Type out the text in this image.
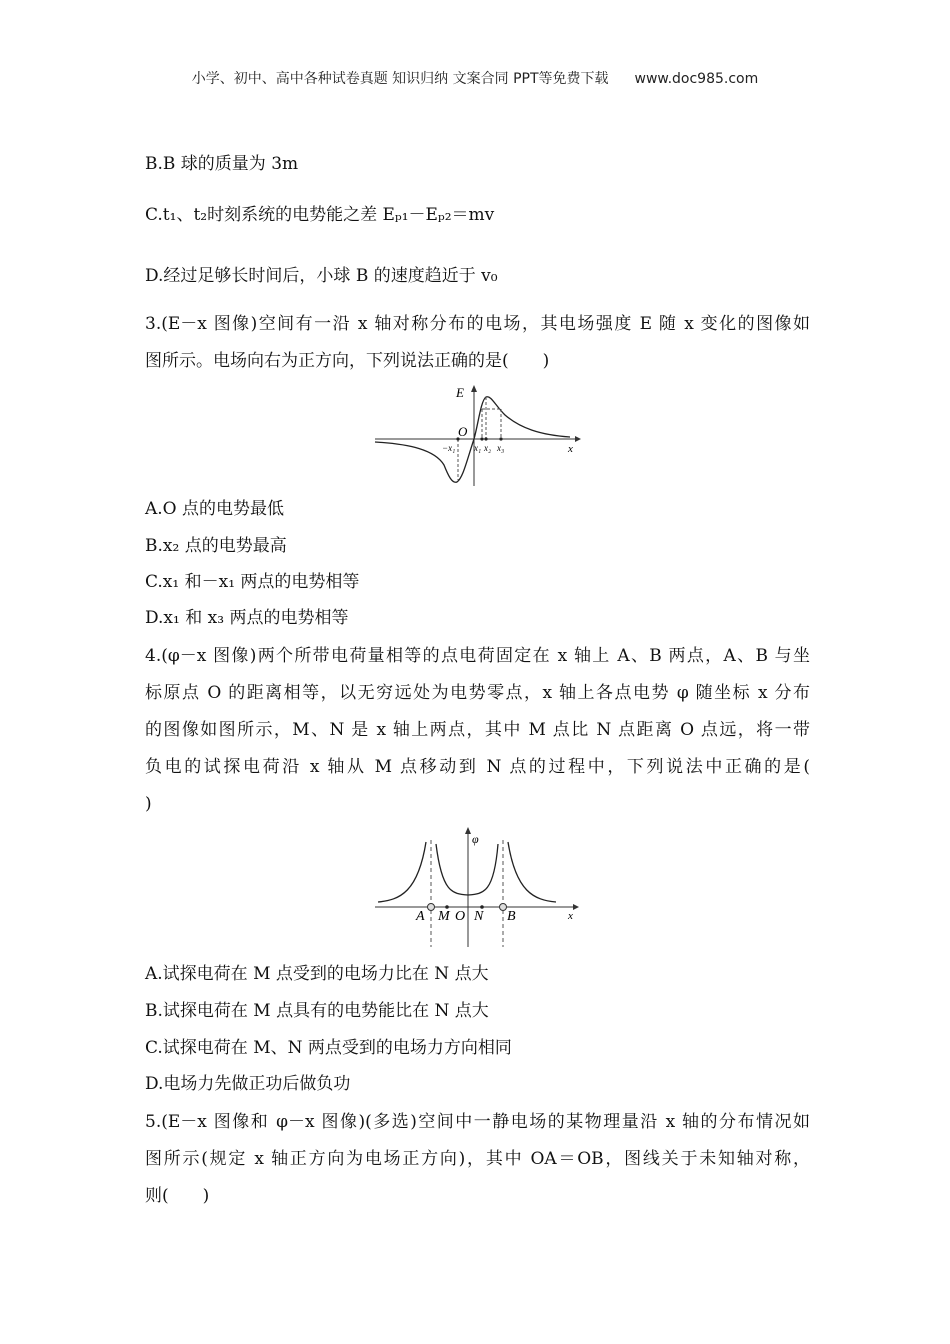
小学、初中、高中各种试卷真题 知识归纳 文案合同 PPT等免费下载 www.doc985.com
B.B 球的质量为 3m
C.t₁、t₂时刻系统的电势能之差 Eₚ₁－Eₚ₂＝mv
D.经过足够长时间后，小球 B 的速度趋近于 v₀
3.(E－x 图像)空间有一沿 x 轴对称分布的电场，其电场强度 E 随 x 变化的图像如
图所示。电场向右为正方向，下列说法正确的是(　　)
E
O
x
−x₁ x₁ x₂ x₃
A.O 点的电势最低
B.x₂ 点的电势最高
C.x₁ 和－x₁ 两点的电势相等
D.x₁ 和 x₃ 两点的电势相等
4.(φ－x 图像)两个所带电荷量相等的点电荷固定在 x 轴上 A、B 两点，A、B 与坐
标原点 O 的距离相等，以无穷远处为电势零点，x 轴上各点电势 φ 随坐标 x 分布
的图像如图所示，M、N 是 x 轴上两点，其中 M 点比 N 点距离 O 点远，将一带
负电的试探电荷沿 x 轴从 M 点移动到 N 点的过程中，下列说法中正确的是(
)
φ
x
A M O N B
A.试探电荷在 M 点受到的电场力比在 N 点大
B.试探电荷在 M 点具有的电势能比在 N 点大
C.试探电荷在 M、N 两点受到的电场力方向相同
D.电场力先做正功后做负功
5.(E－x 图像和 φ－x 图像)(多选)空间中一静电场的某物理量沿 x 轴的分布情况如
图所示(规定 x 轴正方向为电场正方向)，其中 OA＝OB，图线关于未知轴对称，
则(　　)
